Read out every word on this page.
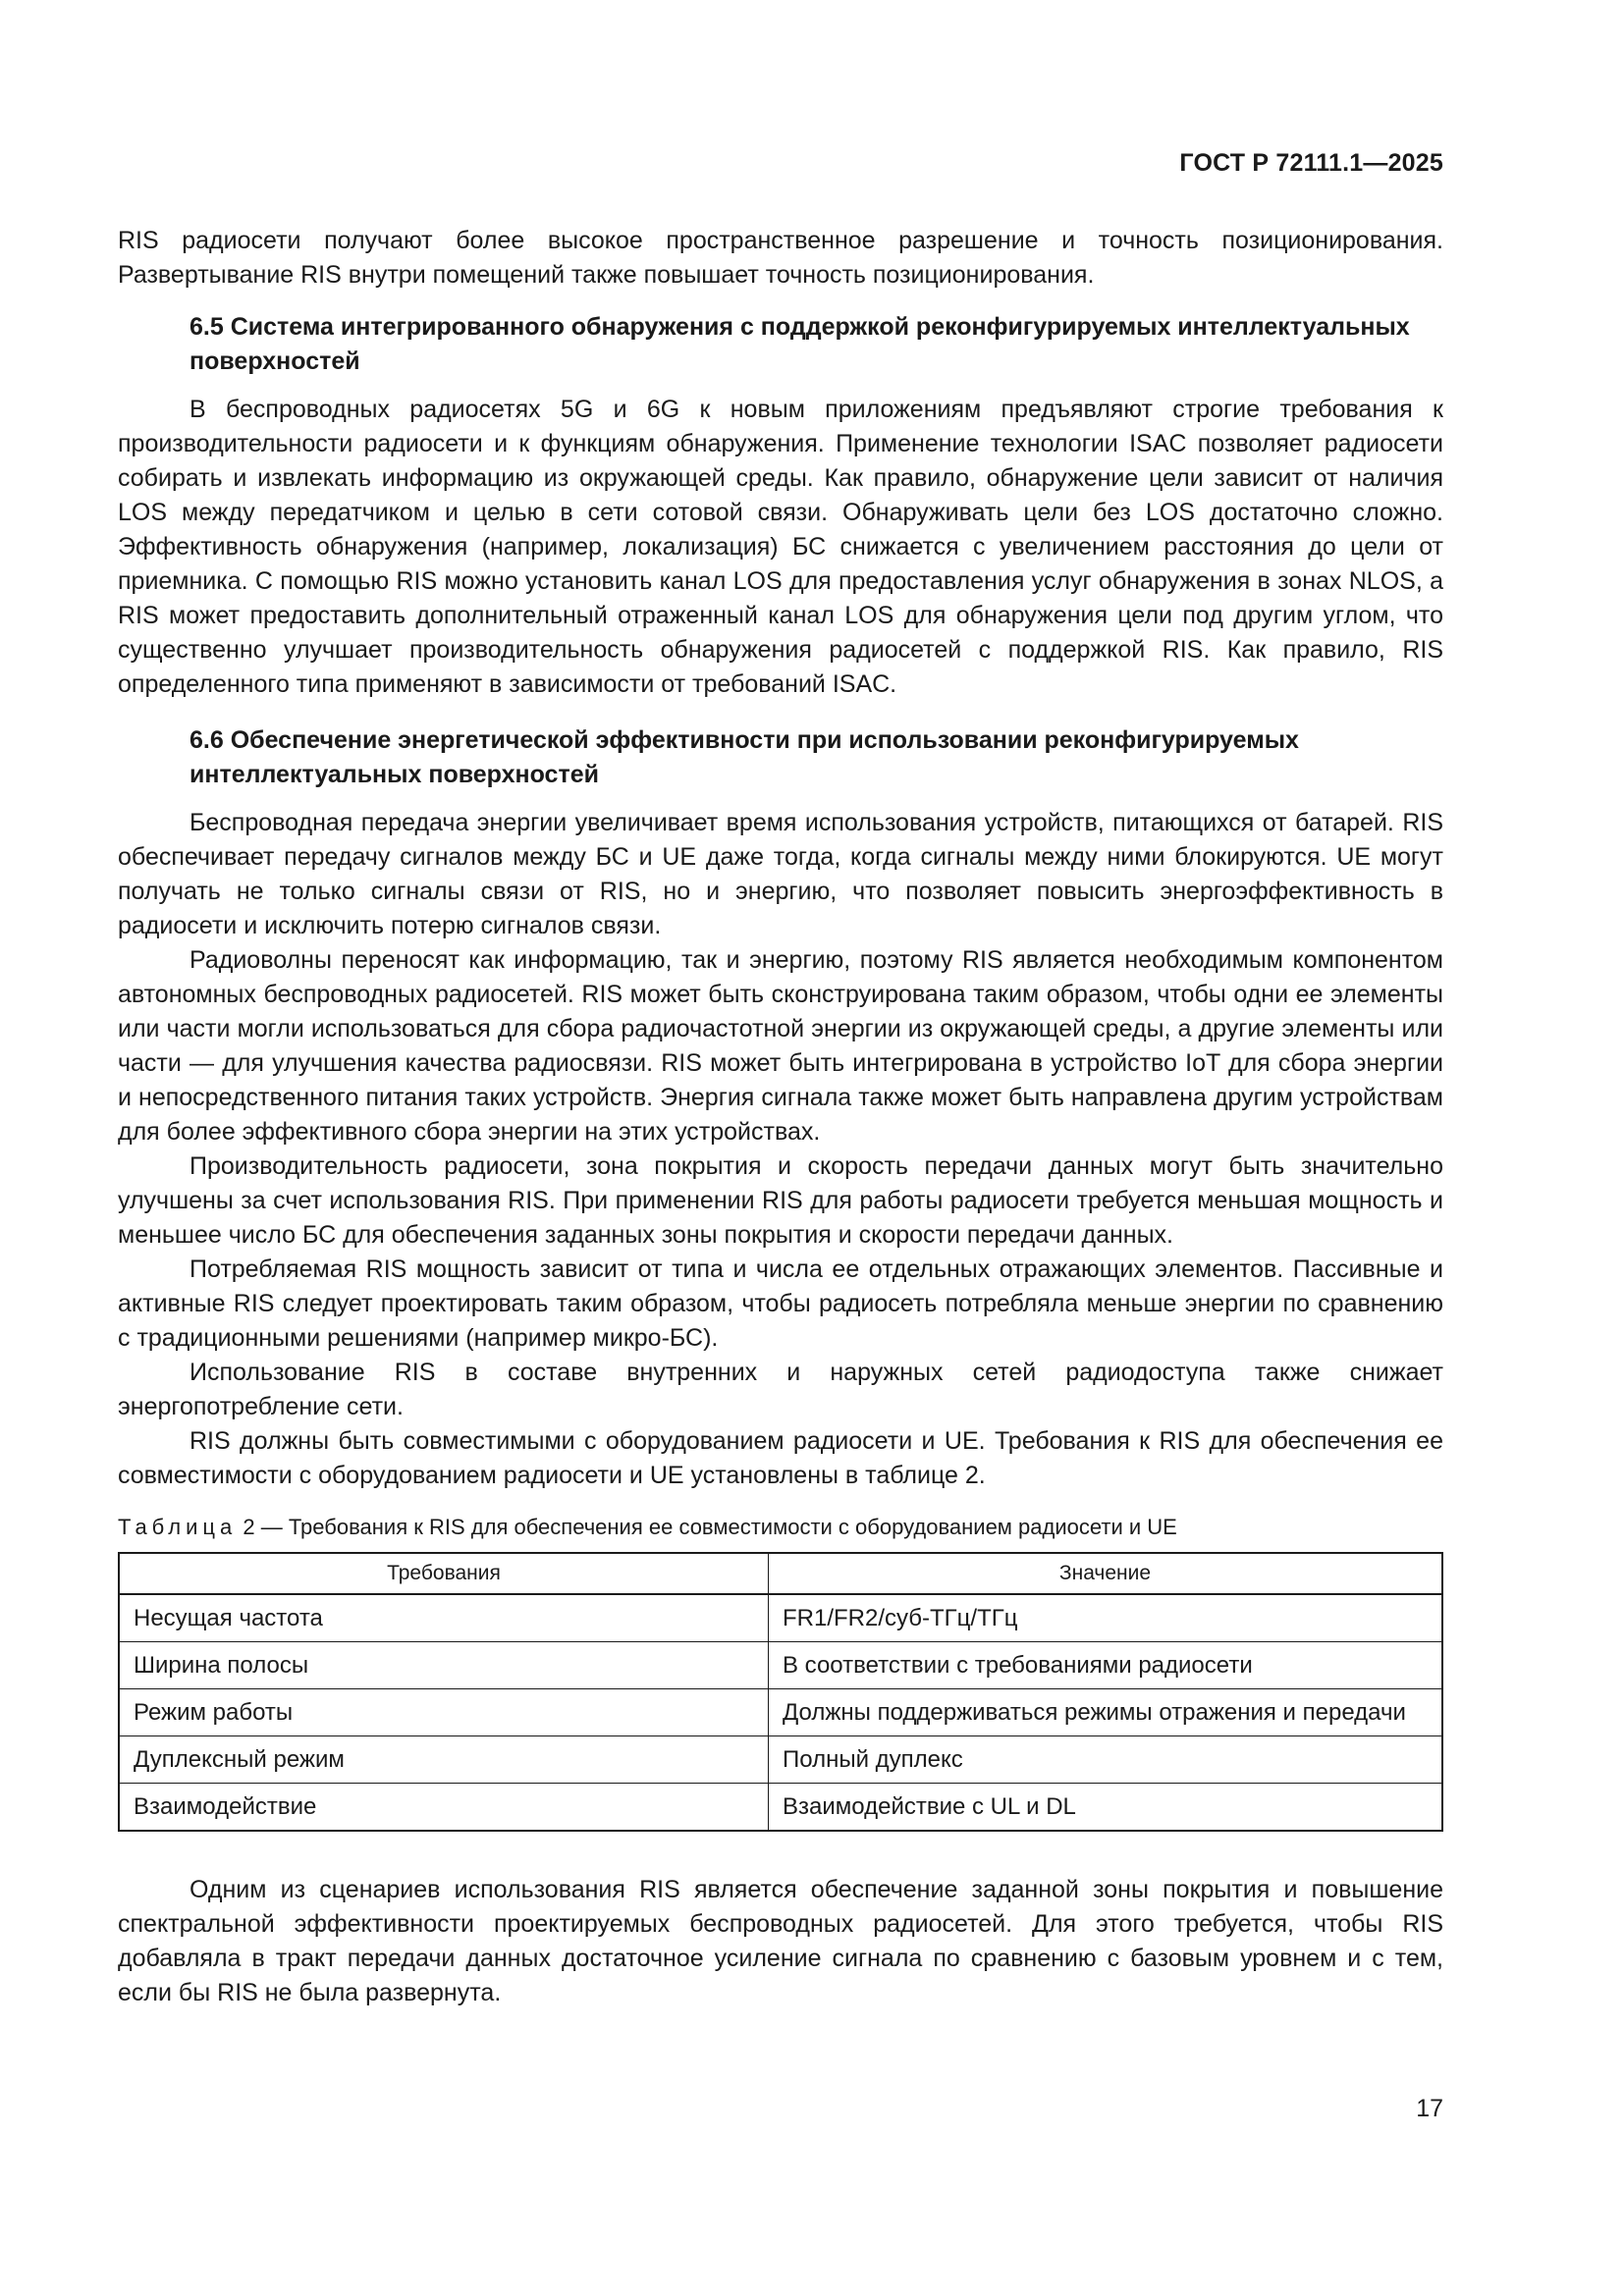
ГОСТ Р 72111.1—2025

RIS радиосети получают более высокое пространственное разрешение и точность позиционирования. Развертывание RIS внутри помещений также повышает точность позиционирования.

6.5 Система интегрированного обнаружения с поддержкой реконфигурируемых интеллектуальных поверхностей

В беспроводных радиосетях 5G и 6G к новым приложениям предъявляют строгие требования к производительности радиосети и к функциям обнаружения. Применение технологии ISAC позволяет радиосети собирать и извлекать информацию из окружающей среды. Как правило, обнаружение цели зависит от наличия LOS между передатчиком и целью в сети сотовой связи. Обнаруживать цели без LOS достаточно сложно. Эффективность обнаружения (например, локализация) БС снижается с увеличением расстояния до цели от приемника. С помощью RIS можно установить канал LOS для предоставления услуг обнаружения в зонах NLOS, а RIS может предоставить дополнительный отраженный канал LOS для обнаружения цели под другим углом, что существенно улучшает производительность обнаружения радиосетей с поддержкой RIS. Как правило, RIS определенного типа применяют в зависимости от требований ISAC.

6.6 Обеспечение энергетической эффективности при использовании реконфигурируемых интеллектуальных поверхностей

Беспроводная передача энергии увеличивает время использования устройств, питающихся от батарей. RIS обеспечивает передачу сигналов между БС и UE даже тогда, когда сигналы между ними блокируются. UE могут получать не только сигналы связи от RIS, но и энергию, что позволяет повысить энергоэффективность в радиосети и исключить потерю сигналов связи.

Радиоволны переносят как информацию, так и энергию, поэтому RIS является необходимым компонентом автономных беспроводных радиосетей. RIS может быть сконструирована таким образом, чтобы одни ее элементы или части могли использоваться для сбора радиочастотной энергии из окружающей среды, а другие элементы или части — для улучшения качества радиосвязи. RIS может быть интегрирована в устройство IoT для сбора энергии и непосредственного питания таких устройств. Энергия сигнала также может быть направлена другим устройствам для более эффективного сбора энергии на этих устройствах.

Производительность радиосети, зона покрытия и скорость передачи данных могут быть значительно улучшены за счет использования RIS. При применении RIS для работы радиосети требуется меньшая мощность и меньшее число БС для обеспечения заданных зоны покрытия и скорости передачи данных.

Потребляемая RIS мощность зависит от типа и числа ее отдельных отражающих элементов. Пассивные и активные RIS следует проектировать таким образом, чтобы радиосеть потребляла меньше энергии по сравнению с традиционными решениями (например микро-БС).

Использование RIS в составе внутренних и наружных сетей радиодоступа также снижает энергопотребление сети.

RIS должны быть совместимыми с оборудованием радиосети и UE. Требования к RIS для обеспечения ее совместимости с оборудованием радиосети и UE установлены в таблице 2.

Таблица 2 — Требования к RIS для обеспечения ее совместимости с оборудованием радиосети и UE
Требования	Значение
Несущая частота	FR1/FR2/суб-ТГц/ТГц
Ширина полосы	В соответствии с требованиями радиосети
Режим работы	Должны поддерживаться режимы отражения и передачи
Дуплексный режим	Полный дуплекс
Взаимодействие	Взаимодействие с UL и DL

Одним из сценариев использования RIS является обеспечение заданной зоны покрытия и повышение спектральной эффективности проектируемых беспроводных радиосетей. Для этого требуется, чтобы RIS добавляла в тракт передачи данных достаточное усиление сигнала по сравнению с базовым уровнем и с тем, если бы RIS не была развернута.

17
